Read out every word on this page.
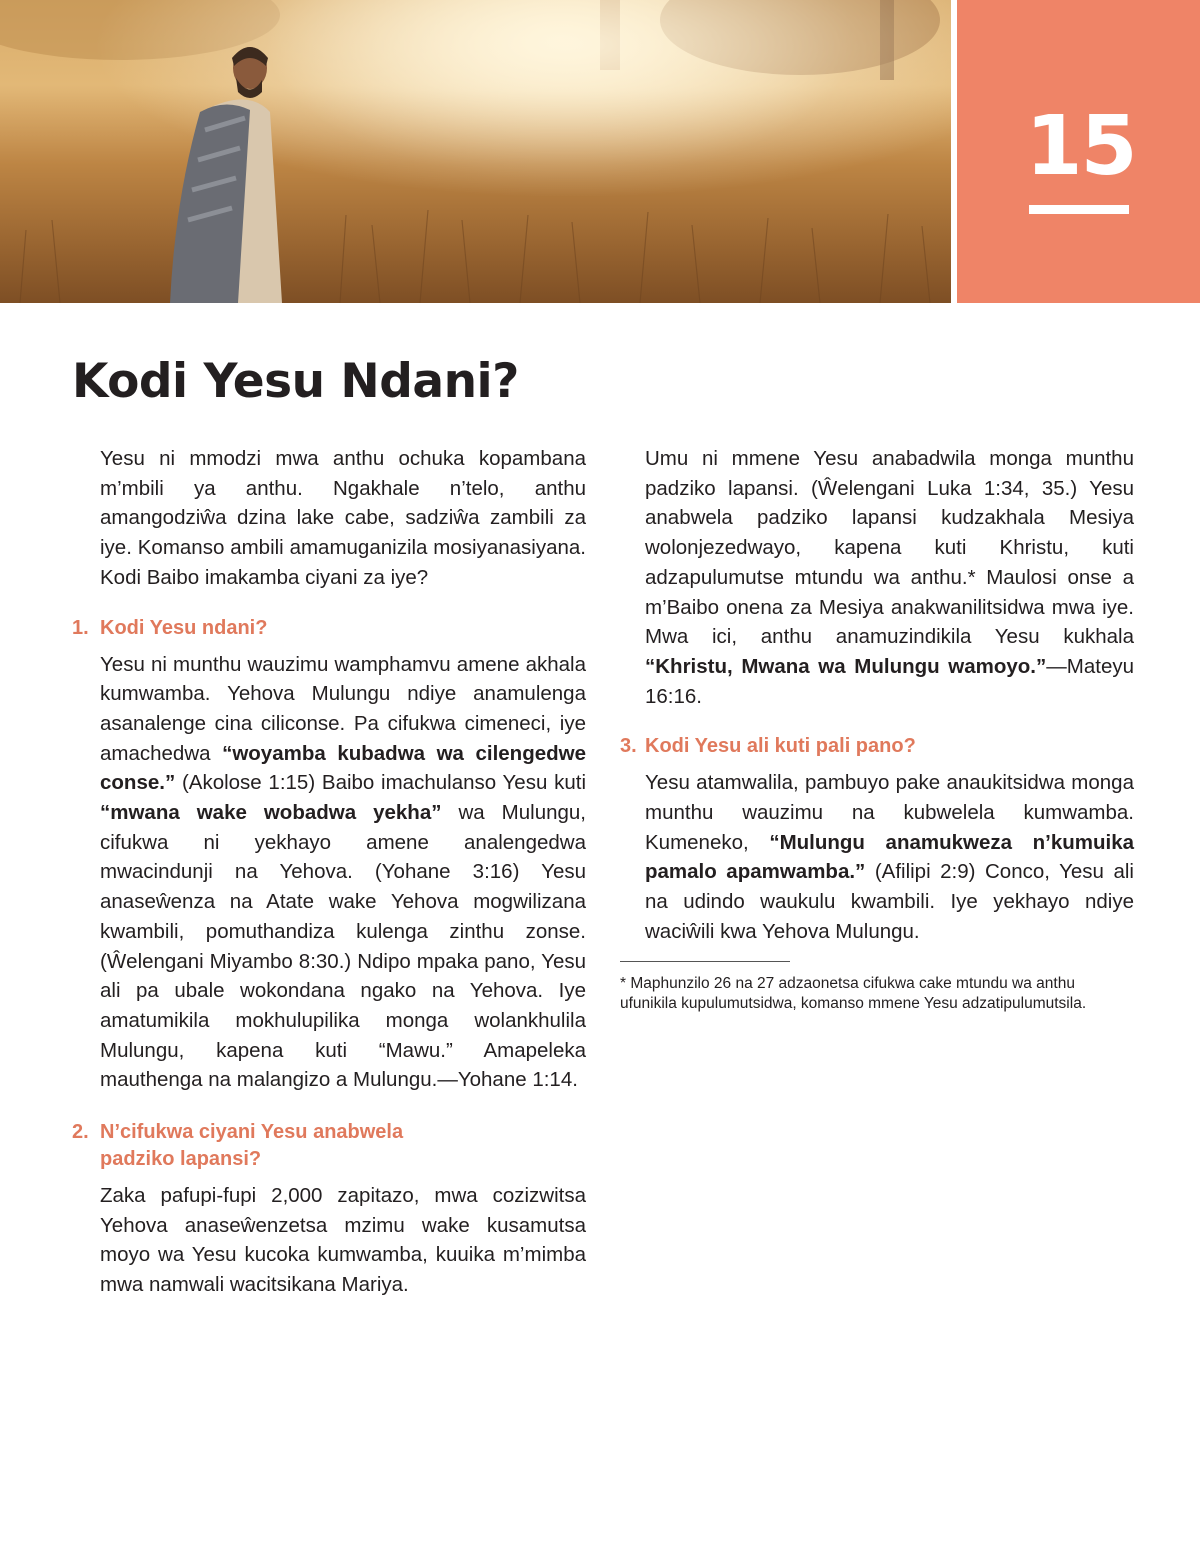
15
Kodi Yesu Ndani?

Yesu ni mmodzi mwa anthu ochuka kopambana m’mbili ya anthu. Ngakhale n’telo, anthu amangodziŵa dzina lake cabe, sadziŵa zambili za iye. Komanso ambili amamuganizila mosiyanasiyana. Kodi Baibo imakamba ciyani za iye?

1. Kodi Yesu ndani?

Yesu ni munthu wauzimu wamphamvu amene akhala kumwamba. Yehova Mulungu ndiye anamulenga asanalenge cina ciliconse. Pa cifukwa cimeneci, iye amachedwa “woyamba kubadwa wa cilengedwe conse.” (Akolose 1:15) Baibo imachulanso Yesu kuti “mwana wake wobadwa yekha” wa Mulungu, cifukwa ni yekhayo amene analengedwa mwacindunji na Yehova. (Yohane 3:16) Yesu anaseŵenza na Atate wake Yehova mogwilizana kwambili, pomuthandiza kulenga zinthu zonse. (Ŵelengani Miyambo 8:30.) Ndipo mpaka pano, Yesu ali pa ubale wokondana ngako na Yehova. Iye amatumikila mokhulupilika monga wolankhulila Mulungu, kapena kuti “Mawu.” Amapeleka mauthenga na malangizo a Mulungu.—Yohane 1:14.

2. N’cifukwa ciyani Yesu anabwela padziko lapansi?

Zaka pafupi-fupi 2,000 zapitazo, mwa cozizwitsa Yehova anaseŵenzetsa mzimu wake kusamutsa moyo wa Yesu kucoka kumwamba, kuuika m’mimba mwa namwali wacitsikana Mariya.

Umu ni mmene Yesu anabadwila monga munthu padziko lapansi. (Ŵelengani Luka 1:34, 35.) Yesu anabwela padziko lapansi kudzakhala Mesiya wolonjezedwayo, kapena kuti Khristu, kuti adzapulumutse mtundu wa anthu.* Maulosi onse a m’Baibo onena za Mesiya anakwanilitsidwa mwa iye. Mwa ici, anthu anamuzindikila Yesu kukhala “Khristu, Mwana wa Mulungu wamoyo.”—Mateyu 16:16.

3. Kodi Yesu ali kuti pali pano?

Yesu atamwalila, pambuyo pake anaukitsidwa monga munthu wauzimu na kubwelela kumwamba. Kumeneko, “Mulungu anamukweza n’kumuika pamalo apamwamba.” (Afilipi 2:9) Conco, Yesu ali na udindo waukulu kwambili. Iye yekhayo ndiye waciŵili kwa Yehova Mulungu.

* Maphunzilo 26 na 27 adzaonetsa cifukwa cake mtundu wa anthu ufunikila kupulumutsidwa, komanso mmene Yesu adzatipulumutsila.
